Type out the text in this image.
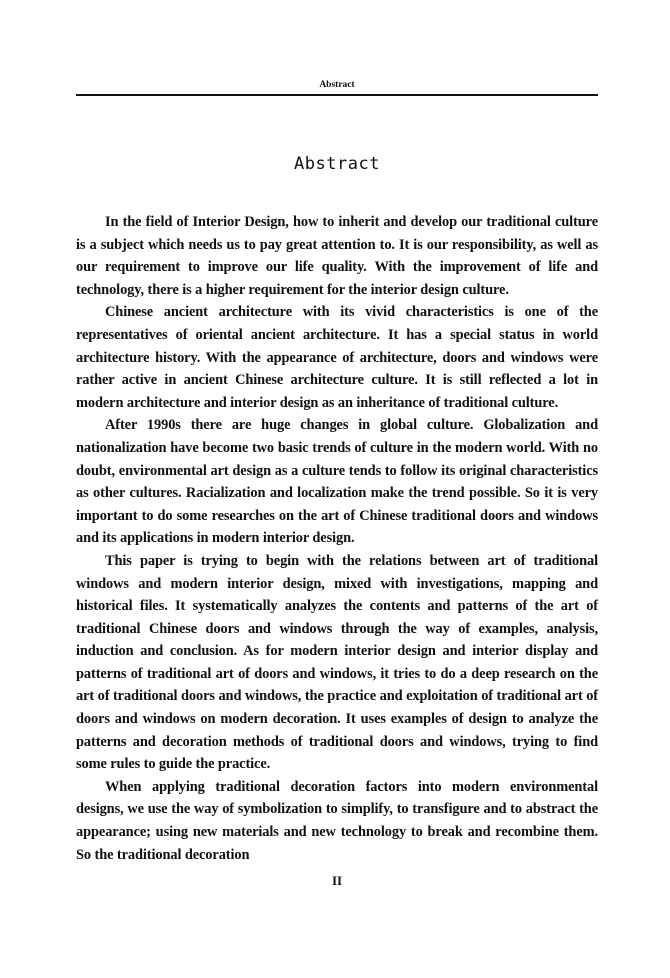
Abstract
Abstract

In the field of Interior Design, how to inherit and develop our traditional culture is a subject which needs us to pay great attention to. It is our responsibility, as well as our requirement to improve our life quality. With the improvement of life and technology, there is a higher requirement for the interior design culture.

Chinese ancient architecture with its vivid characteristics is one of the representatives of oriental ancient architecture. It has a special status in world architecture history. With the appearance of architecture, doors and windows were rather active in ancient Chinese architecture culture. It is still reflected a lot in modern architecture and interior design as an inheritance of traditional culture.

After 1990s there are huge changes in global culture. Globalization and nationalization have become two basic trends of culture in the modern world. With no doubt, environmental art design as a culture tends to follow its original characteristics as other cultures. Racialization and localization make the trend possible. So it is very important to do some researches on the art of Chinese traditional doors and windows and its applications in modern interior design.

This paper is trying to begin with the relations between art of traditional windows and modern interior design, mixed with investigations, mapping and historical files. It systematically analyzes the contents and patterns of the art of traditional Chinese doors and windows through the way of examples, analysis, induction and conclusion. As for modern interior design and interior display and patterns of traditional art of doors and windows, it tries to do a deep research on the art of traditional doors and windows, the practice and exploitation of traditional art of doors and windows on modern decoration. It uses examples of design to analyze the patterns and decoration methods of traditional doors and windows, trying to find some rules to guide the practice.

When applying traditional decoration factors into modern environmental designs, we use the way of symbolization to simplify, to transfigure and to abstract the appearance; using new materials and new technology to break and recombine them. So the traditional decoration

II
